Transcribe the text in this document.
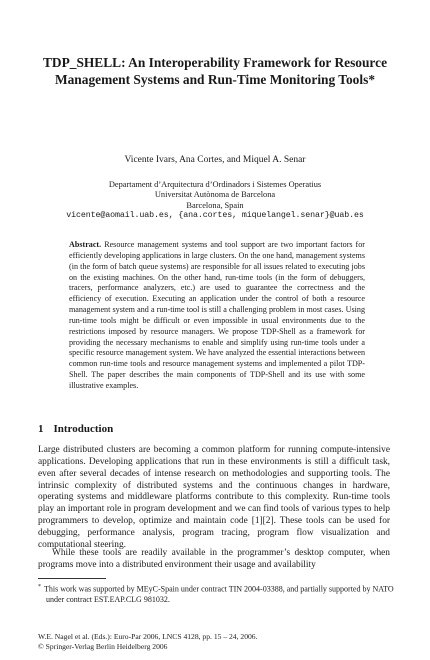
TDP_SHELL: An Interoperability Framework for Resource Management Systems and Run-Time Monitoring Tools*
Vicente Ivars, Ana Cortes, and Miquel A. Senar
Departament d’Arquitectura d’Ordinadors i Sistemes Operatius
Universitat Autònoma de Barcelona
Barcelona, Spain
vicente@aomail.uab.es, {ana.cortes, miquelangel.senar}@uab.es
Abstract. Resource management systems and tool support are two important factors for efficiently developing applications in large clusters. On the one hand, management systems (in the form of batch queue systems) are responsible for all issues related to executing jobs on the existing machines. On the other hand, run-time tools (in the form of debuggers, tracers, performance analyzers, etc.) are used to guarantee the correctness and the efficiency of execution. Executing an application under the control of both a resource management system and a run-time tool is still a challenging problem in most cases. Using run-time tools might be difficult or even impossible in usual environments due to the restrictions imposed by resource managers. We propose TDP-Shell as a framework for providing the necessary mechanisms to enable and simplify using run-time tools under a specific resource management system. We have analyzed the essential interactions between common run-time tools and resource management systems and implemented a pilot TDP-Shell. The paper describes the main components of TDP-Shell and its use with some illustrative examples.
1 Introduction
Large distributed clusters are becoming a common platform for running compute-intensive applications. Developing applications that run in these environments is still a difficult task, even after several decades of intense research on methodologies and supporting tools. The intrinsic complexity of distributed systems and the continuous changes in hardware, operating systems and middleware platforms contribute to this complexity. Run-time tools play an important role in program development and we can find tools of various types to help programmers to develop, optimize and maintain code [1][2]. These tools can be used for debugging, performance analysis, program tracing, program flow visualization and computational steering.
While these tools are readily available in the programmer’s desktop computer, when programs move into a distributed environment their usage and availability
* This work was supported by MEyC-Spain under contract TIN 2004-03388, and partially supported by NATO under contract EST.EAP.CLG 981032.
W.E. Nagel et al. (Eds.): Euro-Par 2006, LNCS 4128, pp. 15 – 24, 2006.
© Springer-Verlag Berlin Heidelberg 2006
